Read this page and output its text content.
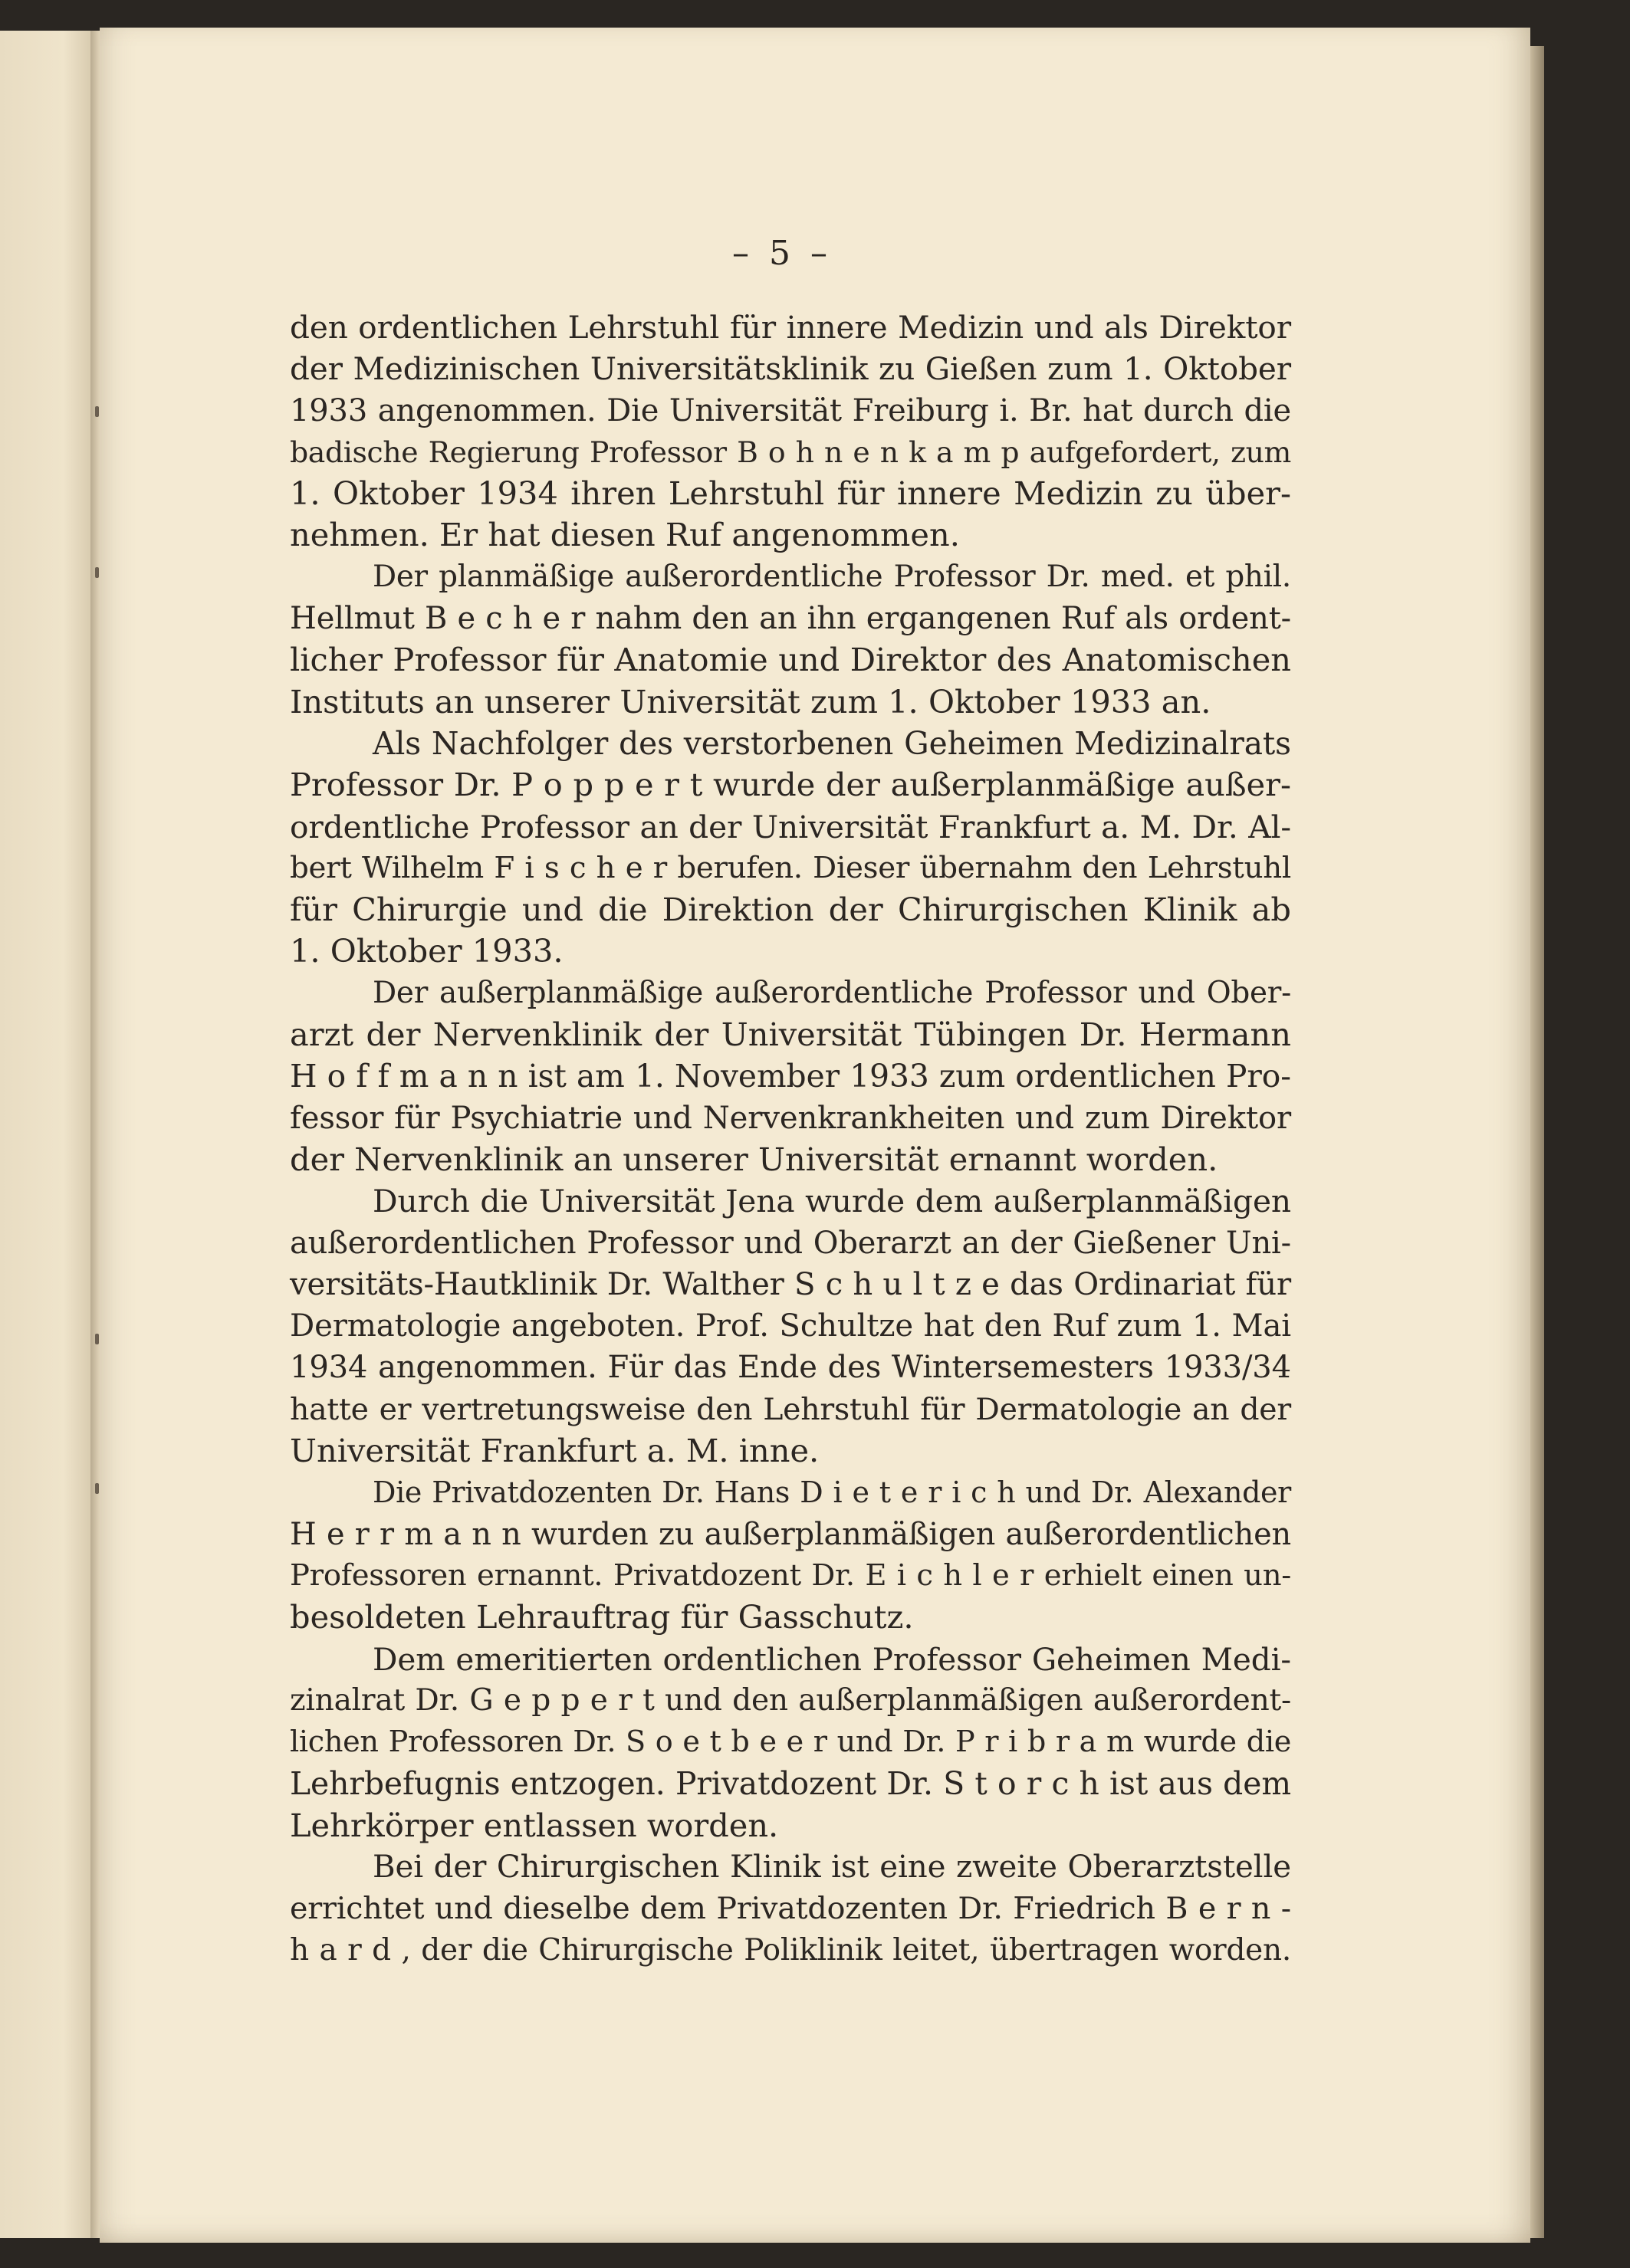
– 5 –
den ordentlichen Lehrstuhl für innere Medizin und als Direktor
der Medizinischen Universitätsklinik zu Gießen zum 1. Oktober
1933 angenommen. Die Universität Freiburg i. Br. hat durch die
badische Regierung Professor B o h n e n k a m p aufgefordert, zum
1. Oktober 1934 ihren Lehrstuhl für innere Medizin zu über-
nehmen. Er hat diesen Ruf angenommen.
Der planmäßige außerordentliche Professor Dr. med. et phil.
Hellmut B e c h e r nahm den an ihn ergangenen Ruf als ordent-
licher Professor für Anatomie und Direktor des Anatomischen
Instituts an unserer Universität zum 1. Oktober 1933 an.
Als Nachfolger des verstorbenen Geheimen Medizinalrats
Professor Dr. P o p p e r t wurde der außerplanmäßige außer-
ordentliche Professor an der Universität Frankfurt a. M. Dr. Al-
bert Wilhelm F i s c h e r berufen. Dieser übernahm den Lehrstuhl
für Chirurgie und die Direktion der Chirurgischen Klinik ab
1. Oktober 1933.
Der außerplanmäßige außerordentliche Professor und Ober-
arzt der Nervenklinik der Universität Tübingen Dr. Hermann
H o f f m a n n ist am 1. November 1933 zum ordentlichen Pro-
fessor für Psychiatrie und Nervenkrankheiten und zum Direktor
der Nervenklinik an unserer Universität ernannt worden.
Durch die Universität Jena wurde dem außerplanmäßigen
außerordentlichen Professor und Oberarzt an der Gießener Uni-
versitäts-Hautklinik Dr. Walther S c h u l t z e das Ordinariat für
Dermatologie angeboten. Prof. Schultze hat den Ruf zum 1. Mai
1934 angenommen. Für das Ende des Wintersemesters 1933/34
hatte er vertretungsweise den Lehrstuhl für Dermatologie an der
Universität Frankfurt a. M. inne.
Die Privatdozenten Dr. Hans D i e t e r i c h und Dr. Alexander
H e r r m a n n wurden zu außerplanmäßigen außerordentlichen
Professoren ernannt. Privatdozent Dr. E i c h l e r erhielt einen un-
besoldeten Lehrauftrag für Gasschutz.
Dem emeritierten ordentlichen Professor Geheimen Medi-
zinalrat Dr. G e p p e r t und den außerplanmäßigen außerordent-
lichen Professoren Dr. S o e t b e e r und Dr. P r i b r a m wurde die
Lehrbefugnis entzogen. Privatdozent Dr. S t o r c h ist aus dem
Lehrkörper entlassen worden.
Bei der Chirurgischen Klinik ist eine zweite Oberarztstelle
errichtet und dieselbe dem Privatdozenten Dr. Friedrich B e r n -
h a r d , der die Chirurgische Poliklinik leitet, übertragen worden.
